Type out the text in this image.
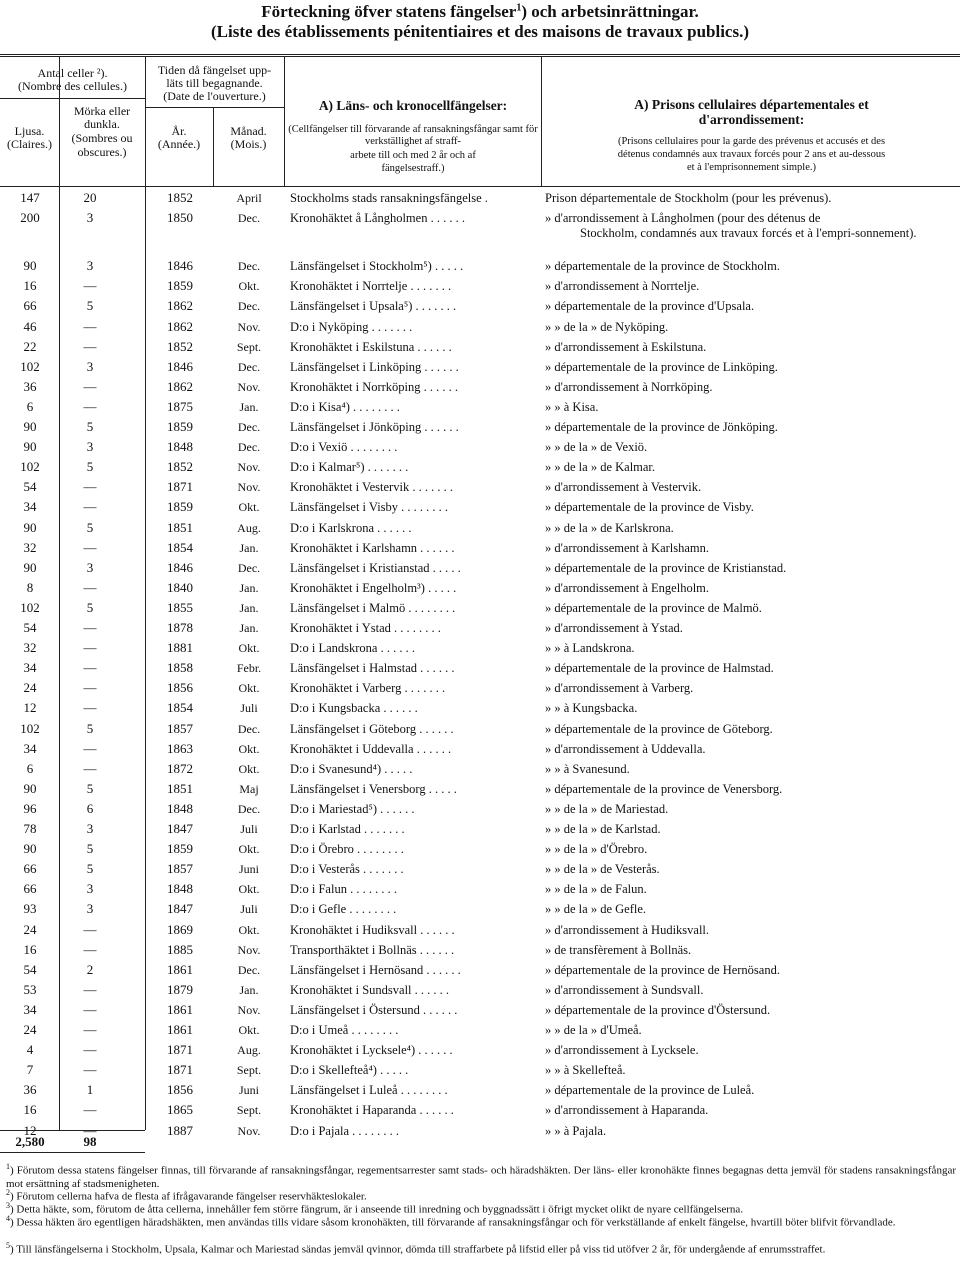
Förteckning öfver statens fängelser$^1$) och arbetsinrättningar.
(Liste des établissements pénitentiaires et des maisons de travaux publics.)
Antal celler ²).
(Nombre des cellules.)
Ljusa.
(Claires.)
Mörka eller
dunkla.
(Sombres ou
obscures.)
Tiden då fängelset upp-
läts till begagnande.
(Date de l'ouverture.)
År.
(Année.)
Månad.
(Mois.)
A) Läns- och kronocellfängelser:
(Cellfängelser till förvarande af ransakningsfångar samt för verkställighet af straff-
arbete till och med 2 år och af
fängelsestraff.)
A) Prisons cellulaires départementales et
d'arrondissement:
(Prisons cellulaires pour la garde des prévenus et accusés et des
détenus condamnés aux travaux forcés pour 2 ans et au-dessous
et à l'emprisonnement simple.)
147	20	1852	April	Stockholms stads ransakningsfängelse .	Prison départementale de Stockholm (pour les prévenus).
200	3	1850	Dec.	Kronohäktet å Långholmen . . . . . .	» d'arrondissement à Långholmen (pour des détenus de
Stockholm, condamnés aux travaux forcés et à l'empri-sonnement).
90	3	1846	Dec.	Länsfängelset i Stockholm⁵) . . . . .	» départementale de la province de Stockholm.
16	—	1859	Okt.	Kronohäktet i Norrtelje . . . . . . .	» d'arrondissement à Norrtelje.
66	5	1862	Dec.	Länsfängelset i Upsala⁵) . . . . . . .	» départementale de la province d'Upsala.
46	—	1862	Nov.	D:o i Nyköping . . . . . . .	» » de la » de Nyköping.
22	—	1852	Sept.	Kronohäktet i Eskilstuna . . . . . .	» d'arrondissement à Eskilstuna.
102	3	1846	Dec.	Länsfängelset i Linköping . . . . . .	» départementale de la province de Linköping.
36	—	1862	Nov.	Kronohäktet i Norrköping . . . . . .	» d'arrondissement à Norrköping.
6	—	1875	Jan.	D:o i Kisa⁴) . . . . . . . .	» » à Kisa.
90	5	1859	Dec.	Länsfängelset i Jönköping . . . . . .	» départementale de la province de Jönköping.
90	3	1848	Dec.	D:o i Vexiö . . . . . . . .	» » de la » de Vexiö.
102	5	1852	Nov.	D:o i Kalmar⁵) . . . . . . .	» » de la » de Kalmar.
54	—	1871	Nov.	Kronohäktet i Vestervik . . . . . . .	» d'arrondissement à Vestervik.
34	—	1859	Okt.	Länsfängelset i Visby . . . . . . . .	» départementale de la province de Visby.
90	5	1851	Aug.	D:o i Karlskrona . . . . . .	» » de la » de Karlskrona.
32	—	1854	Jan.	Kronohäktet i Karlshamn . . . . . .	» d'arrondissement à Karlshamn.
90	3	1846	Dec.	Länsfängelset i Kristianstad . . . . .	» départementale de la province de Kristianstad.
8	—	1840	Jan.	Kronohäktet i Engelholm³) . . . . .	» d'arrondissement à Engelholm.
102	5	1855	Jan.	Länsfängelset i Malmö . . . . . . . .	» départementale de la province de Malmö.
54	—	1878	Jan.	Kronohäktet i Ystad . . . . . . . .	» d'arrondissement à Ystad.
32	—	1881	Okt.	D:o i Landskrona . . . . . .	» » à Landskrona.
34	—	1858	Febr.	Länsfängelset i Halmstad . . . . . .	» départementale de la province de Halmstad.
24	—	1856	Okt.	Kronohäktet i Varberg . . . . . . .	» d'arrondissement à Varberg.
12	—	1854	Juli	D:o i Kungsbacka . . . . . .	» » à Kungsbacka.
102	5	1857	Dec.	Länsfängelset i Göteborg . . . . . .	» départementale de la province de Göteborg.
34	—	1863	Okt.	Kronohäktet i Uddevalla . . . . . .	» d'arrondissement à Uddevalla.
6	—	1872	Okt.	D:o i Svanesund⁴) . . . . .	» » à Svanesund.
90	5	1851	Maj	Länsfängelset i Venersborg . . . . .	» départementale de la province de Venersborg.
96	6	1848	Dec.	D:o i Mariestad⁵) . . . . . .	» » de la » de Mariestad.
78	3	1847	Juli	D:o i Karlstad . . . . . . .	» » de la » de Karlstad.
90	5	1859	Okt.	D:o i Örebro . . . . . . . .	» » de la » d'Örebro.
66	5	1857	Juni	D:o i Vesterås . . . . . . .	» » de la » de Vesterås.
66	3	1848	Okt.	D:o i Falun . . . . . . . .	» » de la » de Falun.
93	3	1847	Juli	D:o i Gefle . . . . . . . .	» » de la » de Gefle.
24	—	1869	Okt.	Kronohäktet i Hudiksvall . . . . . .	» d'arrondissement à Hudiksvall.
16	—	1885	Nov.	Transporthäktet i Bollnäs . . . . . .	» de transfèrement à Bollnäs.
54	2	1861	Dec.	Länsfängelset i Hernösand . . . . . .	» départementale de la province de Hernösand.
53	—	1879	Jan.	Kronohäktet i Sundsvall . . . . . .	» d'arrondissement à Sundsvall.
34	—	1861	Nov.	Länsfängelset i Östersund . . . . . .	» départementale de la province d'Östersund.
24	—	1861	Okt.	D:o i Umeå . . . . . . . .	» » de la » d'Umeå.
4	—	1871	Aug.	Kronohäktet i Lycksele⁴) . . . . . .	» d'arrondissement à Lycksele.
7	—	1871	Sept.	D:o i Skellefteå⁴) . . . . .	» » à Skellefteå.
36	1	1856	Juni	Länsfängelset i Luleå . . . . . . . .	» départementale de la province de Luleå.
16	—	1865	Sept.	Kronohäktet i Haparanda . . . . . .	» d'arrondissement à Haparanda.
12	—	1887	Nov.	D:o i Pajala . . . . . . . .	» » à Pajala.
2,580	98
$^1$) Förutom dessa statens fängelser finnas, till förvarande af ransakningsfångar, regementsarrester samt stads- och häradshäkten. Der läns- eller kronohäkte finnes begagnas detta jemväl för stadens ransakningsfångar mot ersättning af stadsmenigheten.
$^2$) Förutom cellerna hafva de flesta af ifrågavarande fängelser reservhäkteslokaler.
$^3$) Detta häkte, som, förutom de åtta cellerna, innehåller fem större fängrum, är i anseende till inredning och byggnadssätt i öfrigt mycket olikt de nyare cellfängelserna.
$^4$) Dessa häkten äro egentligen häradshäkten, men användas tills vidare såsom kronohäkten, till förvarande af ransakningsfångar och för verkställande af enkelt fängelse, hvartill böter blifvit förvandlade.
$^5$) Till länsfängelserna i Stockholm, Upsala, Kalmar och Mariestad sändas jemväl qvinnor, dömda till straffarbete på lifstid eller på viss tid utöfver 2 år, för undergående af enrumsstraffet.
